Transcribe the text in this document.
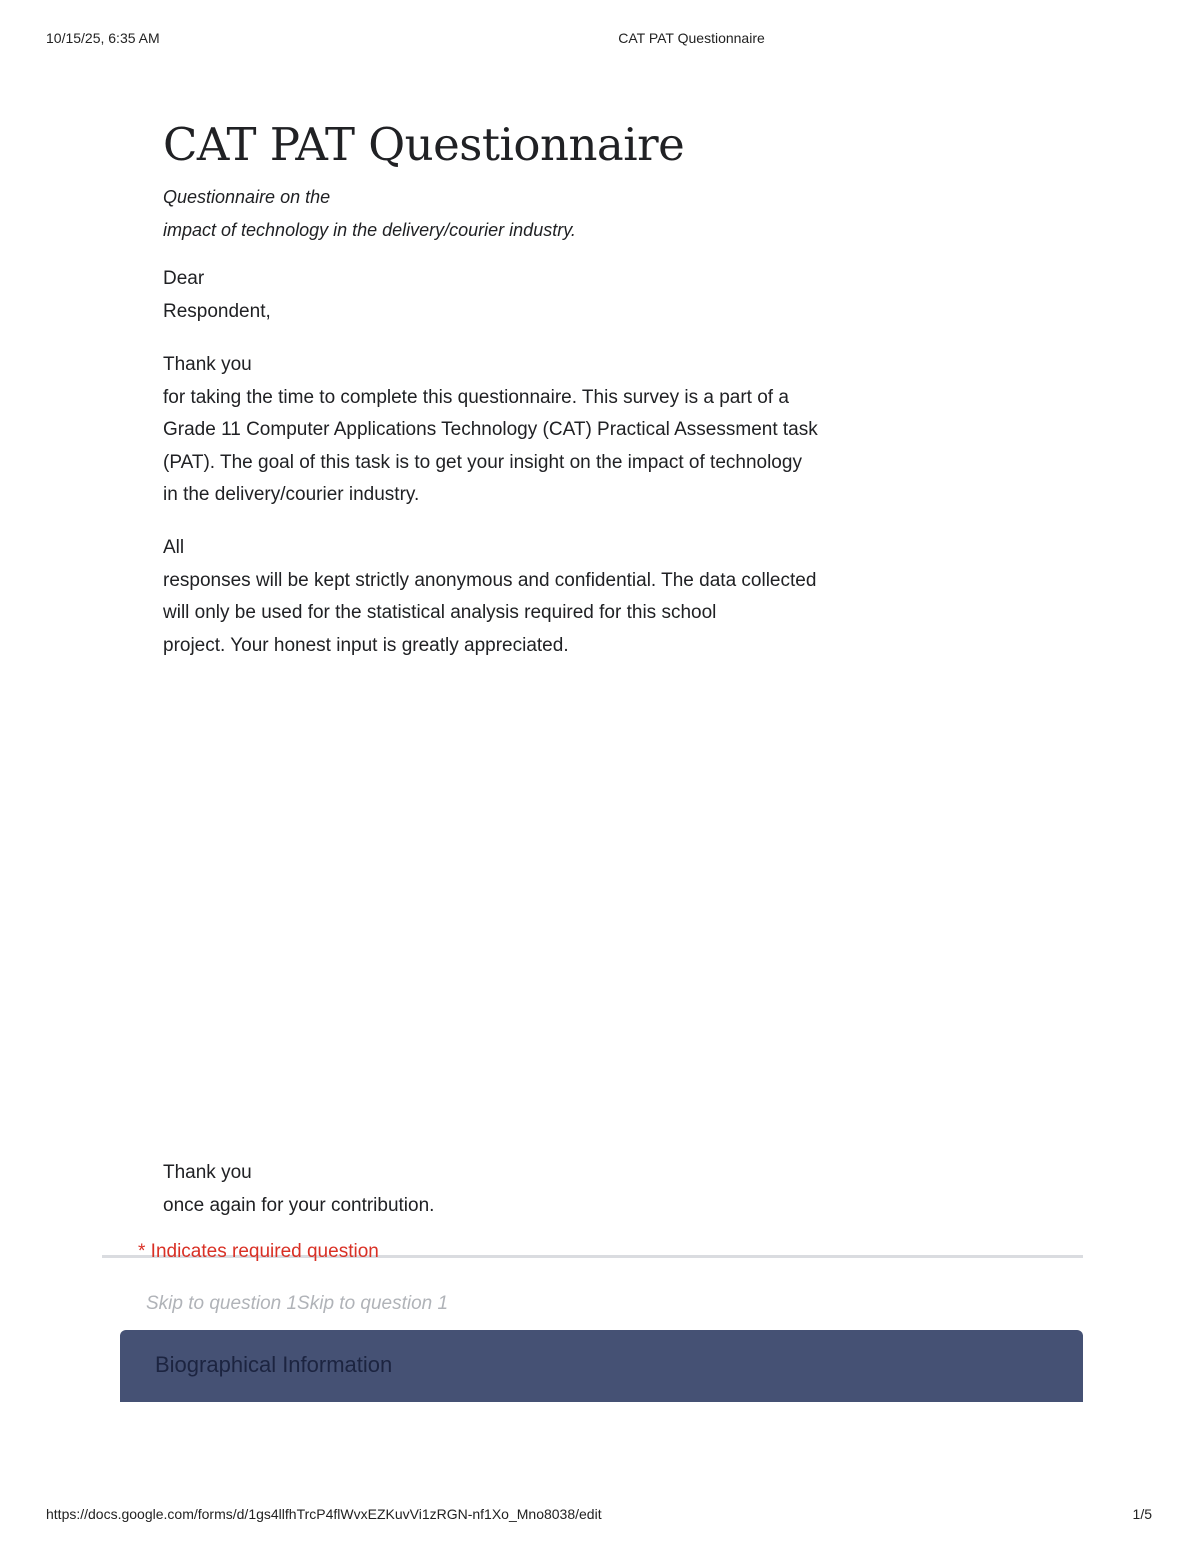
10/15/25, 6:35 AM	CAT PAT Questionnaire
CAT PAT Questionnaire
Questionnaire on the
impact of technology in the delivery/courier industry.

Dear

Respondent,

Thank you

for taking the time to complete this questionnaire. This survey is a part of a

Grade 11 Computer Applications Technology (CAT) Practical Assessment task

(PAT). The goal of this task is to get your insight on the impact of technology

in the delivery/courier industry.

All

responses will be kept strictly anonymous and confidential. The data collected

will only be used for the statistical analysis required for this school

project. Your honest input is greatly appreciated.

Thank you

once again for your contribution.

* Indicates required question
Skip to question 1Skip to question 1
Biographical Information
https://docs.google.com/forms/d/1gs4llfhTrcP4flWvxEZKuvVi1zRGN-nf1Xo_Mno8038/edit	1/5
